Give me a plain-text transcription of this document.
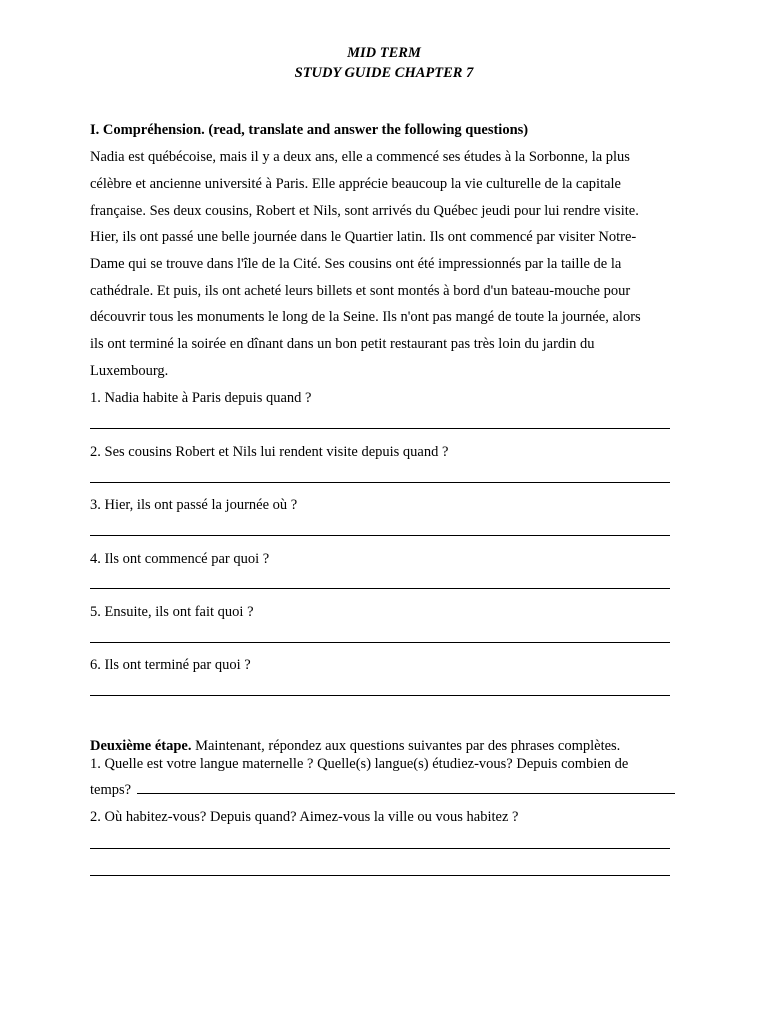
MID TERM
STUDY GUIDE CHAPTER 7
I. Compréhension. (read, translate and answer the following questions)
Nadia est québécoise, mais il y a deux ans, elle a commencé ses études à la Sorbonne, la plus
célèbre et ancienne université à Paris. Elle apprécie beaucoup la vie culturelle de la capitale
française. Ses deux cousins, Robert et Nils, sont arrivés du Québec jeudi pour lui rendre visite.
Hier, ils ont passé une belle journée dans le Quartier latin. Ils ont commencé par visiter Notre-
Dame qui se trouve dans l'île de la Cité. Ses cousins ont été impressionnés par la taille de la
cathédrale. Et puis, ils ont acheté leurs billets et sont montés à bord d'un bateau-mouche pour
découvrir tous les monuments le long de la Seine. Ils n'ont pas mangé de toute la journée, alors
ils ont terminé la soirée en dînant dans un bon petit restaurant pas très loin du jardin du
Luxembourg.
1. Nadia habite à Paris depuis quand ?
2. Ses cousins Robert et Nils lui rendent visite depuis quand ?
3. Hier, ils ont passé la journée où ?
4. Ils ont commencé par quoi ?
5. Ensuite, ils ont fait quoi ?
6. Ils ont terminé par quoi ?
Deuxième étape. Maintenant, répondez aux questions suivantes par des phrases complètes.
1. Quelle est votre langue maternelle ? Quelle(s) langue(s) étudiez-vous? Depuis combien de
temps?
2. Où habitez-vous? Depuis quand? Aimez-vous la ville ou vous habitez ?
